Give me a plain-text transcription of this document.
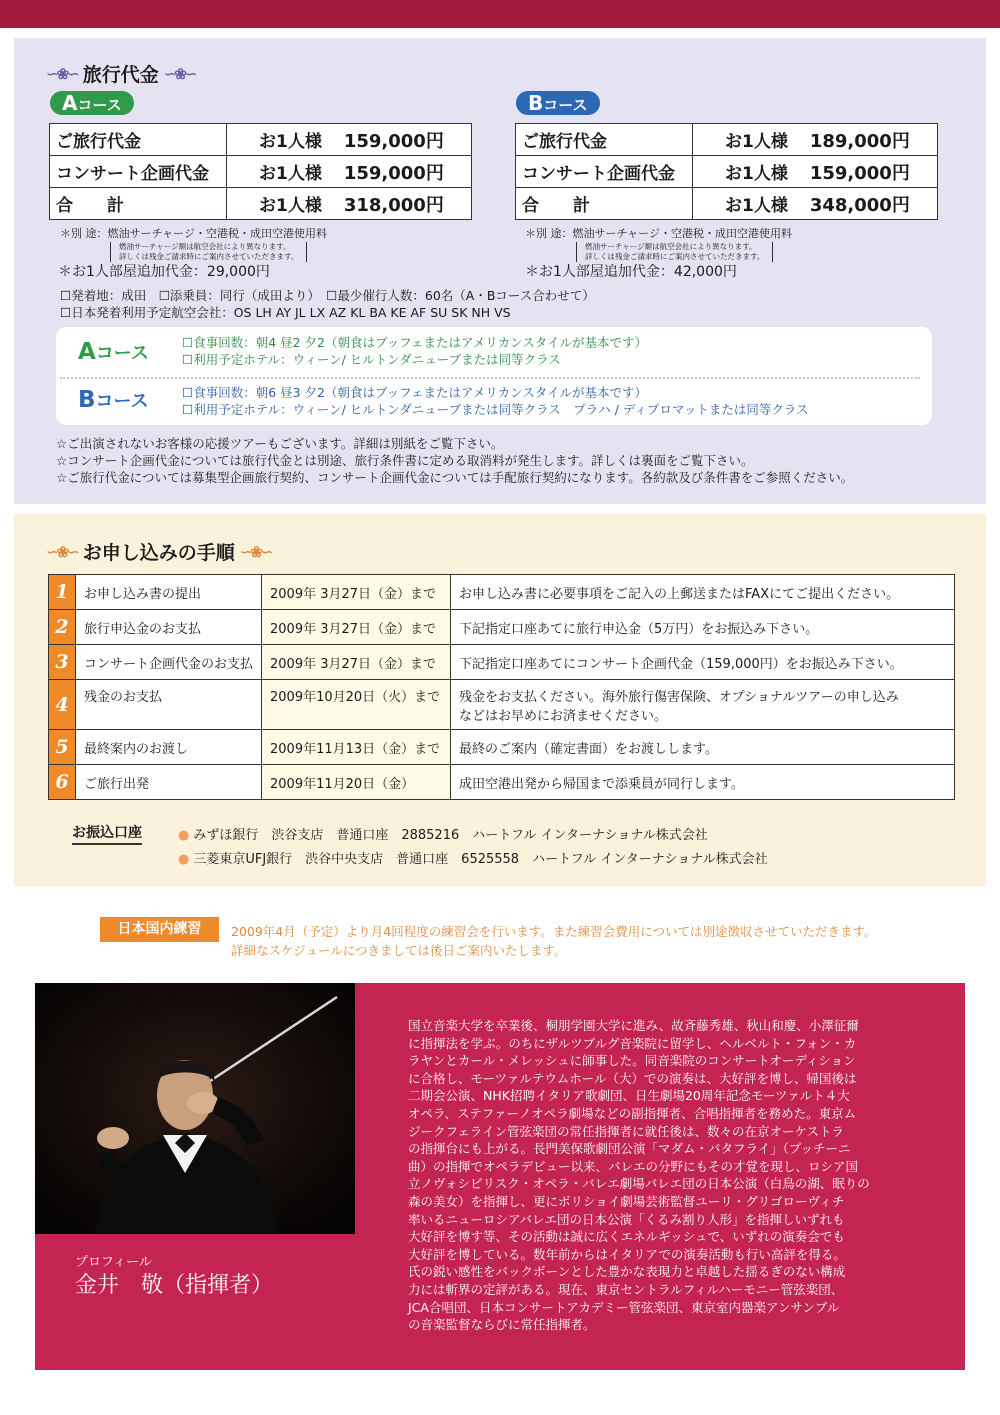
∽❀∽ 旅行代金 ∽❀∽
Aコース
ご旅行代金	お1人様 159,000円
コンサート企画代金	お1人様 159,000円
合　　計	お1人様 318,000円
＊別 途：燃油サーチャージ・空港税・成田空港使用料
燃油サーチャージ額は航空会社により異なります。
詳しくは残金ご請求時にご案内させていただきます。
＊お1人部屋追加代金：29,000円
Bコース
ご旅行代金	お1人様 189,000円
コンサート企画代金	お1人様 159,000円
合　　計	お1人様 348,000円
＊別 途：燃油サーチャージ・空港税・成田空港使用料
燃油サーチャージ額は航空会社により異なります。
詳しくは残金ご請求時にご案内させていただきます。
＊お1人部屋追加代金：42,000円
☐発着地：成田　☐添乗員：同行（成田より）　☐最少催行人数：60名（A・Bコース合わせて）
☐日本発着利用予定航空会社：OS LH AY JL LX AZ KL BA KE AF SU SK NH VS
Aコース
☐食事回数：朝4 昼2 夕2（朝食はブッフェまたはアメリカンスタイルが基本です）
☐利用予定ホテル：ウィーン/ ヒルトンダニューブまたは同等クラス
Bコース	☐食事回数：朝6 昼3 夕2（朝食はブッフェまたはアメリカンスタイルが基本です）
☐利用予定ホテル：ウィーン/ ヒルトンダニューブまたは同等クラス　プラハ / ディプロマットまたは同等クラス
☆ご出演されないお客様の応援ツアーもございます。詳細は別紙をご覧下さい。
☆コンサート企画代金については旅行代金とは別途、旅行条件書に定める取消料が発生します。詳しくは裏面をご覧下さい。
☆ご旅行代金については募集型企画旅行契約、コンサート企画代金については手配旅行契約になります。各約款及び条件書をご参照ください。
∽❀∽ お申し込みの手順 ∽❀∽
1	お申し込み書の提出	2009年 3月27日（金）まで	お申し込み書に必要事項をご記入の上郵送またはFAXにてご提出ください。
2	旅行申込金のお支払	2009年 3月27日（金）まで	下記指定口座あてに旅行申込金（5万円）をお振込み下さい。
3	コンサート企画代金のお支払	2009年 3月27日（金）まで	下記指定口座あてにコンサート企画代金（159,000円）をお振込み下さい。
4	残金のお支払	2009年10月20日（火）まで	残金をお支払ください。海外旅行傷害保険、オプショナルツアーの申し込み
などはお早めにお済ませください。

5	最終案内のお渡し	2009年11月13日（金）まで	最終のご案内（確定書面）をお渡しします。
6	ご旅行出発	2009年11月20日（金）	成田空港出発から帰国まで添乗員が同行します。
お振込口座	● みずほ銀行　渋谷支店　普通口座　2885216　ハートフル インターナショナル株式会社
● 三菱東京UFJ銀行　渋谷中央支店　普通口座　6525558　ハートフル インターナショナル株式会社
日本国内練習	2009年4月（予定）より月4回程度の練習会を行います。また練習会費用については別途徴収させていただきます。
詳細なスケジュールにつきましては後日ご案内いたします。
プロフィール
金井　敬（指揮者）
国立音楽大学を卒業後、桐朋学園大学に進み、故斉藤秀雄、秋山和慶、小澤征爾
に指揮法を学ぶ。のちにザルツブルグ音楽院に留学し、ヘルベルト・フォン・カ
ラヤンとカール・メレッシュに師事した。同音楽院のコンサートオーディション
に合格し、モーツァルテウムホール（大）での演奏は、大好評を博し、帰国後は
二期会公演、NHK招聘イタリア歌劇団、日生劇場20周年記念モーツァルト４大
オペラ、ステファーノオペラ劇場などの副指揮者、合唱指揮者を務めた。東京ム
ジークフェライン管弦楽団の常任指揮者に就任後は、数々の在京オーケストラ
の指揮台にも上がる。長門美保歌劇団公演「マダム・バタフライ」（プッチーニ
曲）の指揮でオペラデビュー以来、バレエの分野にもその才覚を現し、ロシア国
立ノヴォシビリスク・オペラ・バレエ劇場バレエ団の日本公演（白鳥の湖、眠りの
森の美女）を指揮し、更にボリショイ劇場芸術監督ユーリ・グリゴローヴィチ
率いるニューロシアバレエ団の日本公演「くるみ割り人形」を指揮しいずれも
大好評を博す等、その活動は誠に広くエネルギッシュで、いずれの演奏会でも
大好評を博している。数年前からはイタリアでの演奏活動も行い高評を得る。
氏の鋭い感性をバックボーンとした豊かな表現力と卓越した揺るぎのない構成
力には斬界の定評がある。現在、東京セントラルフィルハーモニー管弦楽団、
JCA合唱団、日本コンサートアカデミー管弦楽団、東京室内器楽アンサンブル
の音楽監督ならびに常任指揮者。
